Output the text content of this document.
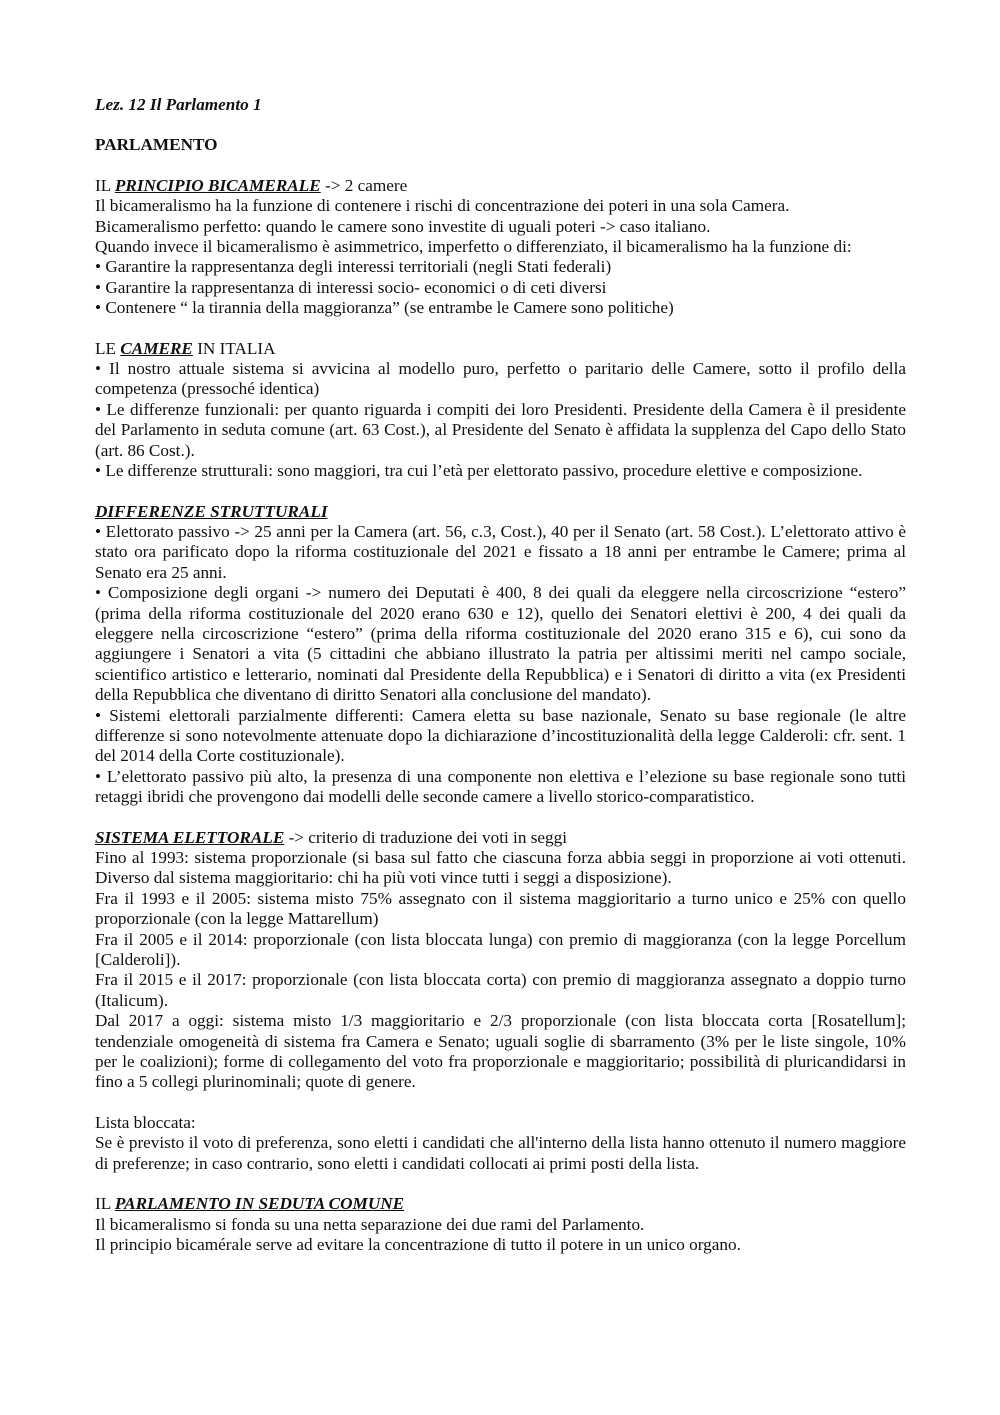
Lez. 12 Il Parlamento 1

PARLAMENTO

IL PRINCIPIO BICAMERALE -> 2 camere

Il bicameralismo ha la funzione di contenere i rischi di concentrazione dei poteri in una sola Camera.

Bicameralismo perfetto: quando le camere sono investite di uguali poteri -> caso italiano.

Quando invece il bicameralismo è asimmetrico, imperfetto o differenziato, il bicameralismo ha la funzione di:

• Garantire la rappresentanza degli interessi territoriali (negli Stati federali)

• Garantire la rappresentanza di interessi socio- economici o di ceti diversi

• Contenere “ la tirannia della maggioranza” (se entrambe le Camere sono politiche)

LE CAMERE IN ITALIA

• Il nostro attuale sistema si avvicina al modello puro, perfetto o paritario delle Camere, sotto il profilo della competenza (pressoché identica)

• Le differenze funzionali: per quanto riguarda i compiti dei loro Presidenti. Presidente della Camera è il presidente del Parlamento in seduta comune (art. 63 Cost.), al Presidente del Senato è affidata la supplenza del Capo dello Stato (art. 86 Cost.).

• Le differenze strutturali: sono maggiori, tra cui l’età per elettorato passivo, procedure elettive e composizione.

DIFFERENZE STRUTTURALI

• Elettorato passivo -> 25 anni per la Camera (art. 56, c.3, Cost.), 40 per il Senato (art. 58 Cost.). L’elettorato attivo è stato ora parificato dopo la riforma costituzionale del 2021 e fissato a 18 anni per entrambe le Camere; prima al Senato era 25 anni.

• Composizione degli organi -> numero dei Deputati è 400, 8 dei quali da eleggere nella circoscrizione “estero” (prima della riforma costituzionale del 2020 erano 630 e 12), quello dei Senatori elettivi è 200, 4 dei quali da eleggere nella circoscrizione “estero” (prima della riforma costituzionale del 2020 erano 315 e 6), cui sono da aggiungere i Senatori a vita (5 cittadini che abbiano illustrato la patria per altissimi meriti nel campo sociale, scientifico artistico e letterario, nominati dal Presidente della Repubblica) e i Senatori di diritto a vita (ex Presidenti della Repubblica che diventano di diritto Senatori alla conclusione del mandato).

• Sistemi elettorali parzialmente differenti: Camera eletta su base nazionale, Senato su base regionale (le altre differenze si sono notevolmente attenuate dopo la dichiarazione d’incostituzionalità della legge Calderoli: cfr. sent. 1 del 2014 della Corte costituzionale).

• L’elettorato passivo più alto, la presenza di una componente non elettiva e l’elezione su base regionale sono tutti retaggi ibridi che provengono dai modelli delle seconde camere a livello storico-comparatistico.

SISTEMA ELETTORALE -> criterio di traduzione dei voti in seggi

Fino al 1993: sistema proporzionale (si basa sul fatto che ciascuna forza abbia seggi in proporzione ai voti ottenuti. Diverso dal sistema maggioritario: chi ha più voti vince tutti i seggi a disposizione).

Fra il 1993 e il 2005: sistema misto 75% assegnato con il sistema maggioritario a turno unico e 25% con quello proporzionale (con la legge Mattarellum)

Fra il 2005 e il 2014: proporzionale (con lista bloccata lunga) con premio di maggioranza (con la legge Porcellum [Calderoli]).

Fra il 2015 e il 2017: proporzionale (con lista bloccata corta) con premio di maggioranza assegnato a doppio turno (Italicum).

Dal 2017 a oggi: sistema misto 1/3 maggioritario e 2/3 proporzionale (con lista bloccata corta [Rosatellum]; tendenziale omogeneità di sistema fra Camera e Senato; uguali soglie di sbarramento (3% per le liste singole, 10% per le coalizioni); forme di collegamento del voto fra proporzionale e maggioritario; possibilità di pluricandidarsi in fino a 5 collegi plurinominali; quote di genere.

Lista bloccata:

Se è previsto il voto di preferenza, sono eletti i candidati che all'interno della lista hanno ottenuto il numero maggiore di preferenze; in caso contrario, sono eletti i candidati collocati ai primi posti della lista.

IL PARLAMENTO IN SEDUTA COMUNE

Il bicameralismo si fonda su una netta separazione dei due rami del Parlamento.

Il principio bicamérale serve ad evitare la concentrazione di tutto il potere in un unico organo.
